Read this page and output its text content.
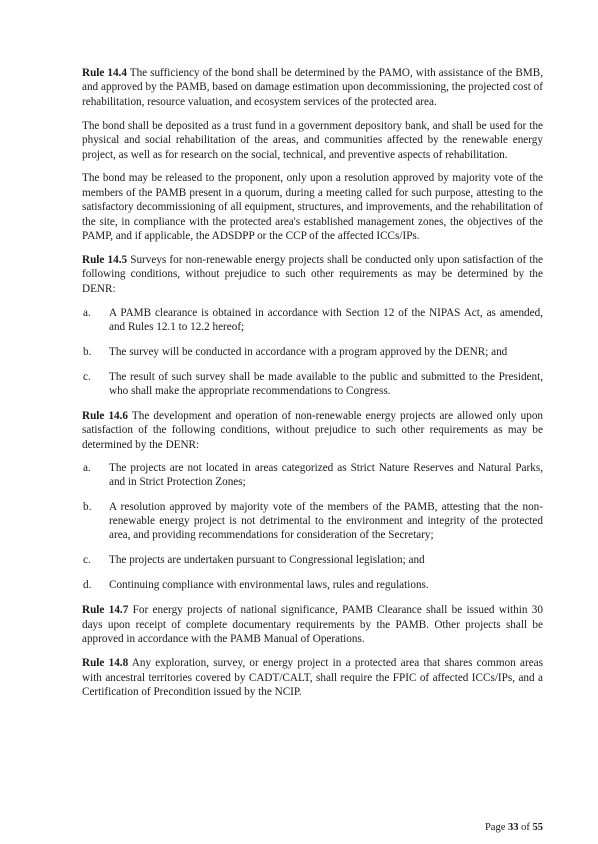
Rule 14.4 The sufficiency of the bond shall be determined by the PAMO, with assistance of the BMB, and approved by the PAMB, based on damage estimation upon decommissioning, the projected cost of rehabilitation, resource valuation, and ecosystem services of the protected area.

The bond shall be deposited as a trust fund in a government depository bank, and shall be used for the physical and social rehabilitation of the areas, and communities affected by the renewable energy project, as well as for research on the social, technical, and preventive aspects of rehabilitation.

The bond may be released to the proponent, only upon a resolution approved by majority vote of the members of the PAMB present in a quorum, during a meeting called for such purpose, attesting to the satisfactory decommissioning of all equipment, structures, and improvements, and the rehabilitation of the site, in compliance with the protected area's established management zones, the objectives of the PAMP, and if applicable, the ADSDPP or the CCP of the affected ICCs/IPs.

Rule 14.5 Surveys for non-renewable energy projects shall be conducted only upon satisfaction of the following conditions, without prejudice to such other requirements as may be determined by the DENR:

a. A PAMB clearance is obtained in accordance with Section 12 of the NIPAS Act, as amended, and Rules 12.1 to 12.2 hereof;
b. The survey will be conducted in accordance with a program approved by the DENR; and
c. The result of such survey shall be made available to the public and submitted to the President, who shall make the appropriate recommendations to Congress.

Rule 14.6 The development and operation of non-renewable energy projects are allowed only upon satisfaction of the following conditions, without prejudice to such other requirements as may be determined by the DENR:

a. The projects are not located in areas categorized as Strict Nature Reserves and Natural Parks, and in Strict Protection Zones;
b. A resolution approved by majority vote of the members of the PAMB, attesting that the non-renewable energy project is not detrimental to the environment and integrity of the protected area, and providing recommendations for consideration of the Secretary;
c. The projects are undertaken pursuant to Congressional legislation; and
d. Continuing compliance with environmental laws, rules and regulations.

Rule 14.7 For energy projects of national significance, PAMB Clearance shall be issued within 30 days upon receipt of complete documentary requirements by the PAMB. Other projects shall be approved in accordance with the PAMB Manual of Operations.

Rule 14.8 Any exploration, survey, or energy project in a protected area that shares common areas with ancestral territories covered by CADT/CALT, shall require the FPIC of affected ICCs/IPs, and a Certification of Precondition issued by the NCIP.

Page 33 of 55
